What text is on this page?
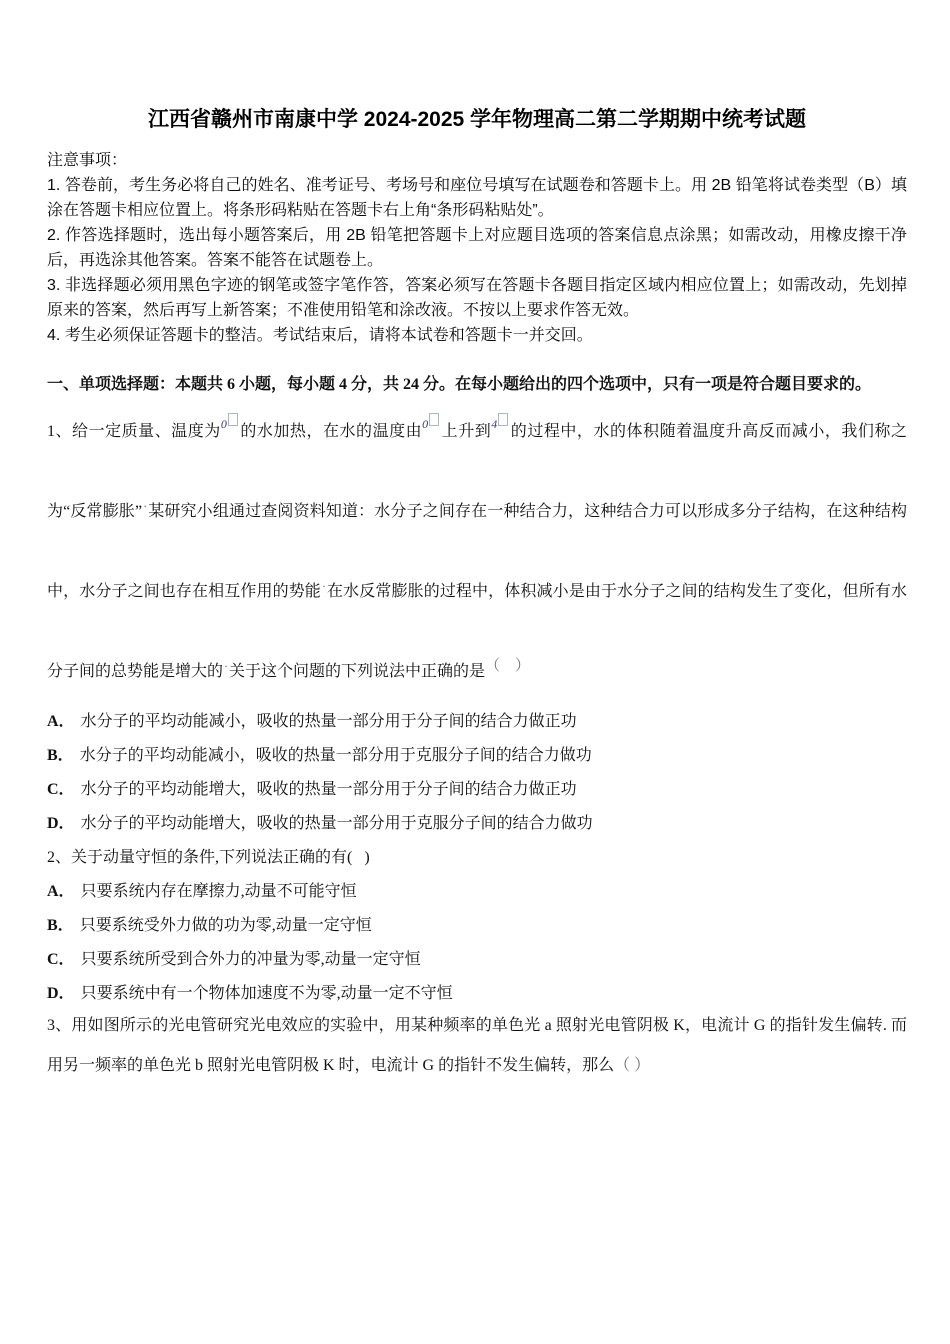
江西省赣州市南康中学 2024-2025 学年物理高二第二学期期中统考试题

注意事项：

1. 答卷前，考生务必将自己的姓名、准考证号、考场号和座位号填写在试题卷和答题卡上。用 2B 铅笔将试卷类型（B）填涂在答题卡相应位置上。将条形码粘贴在答题卡右上角“条形码粘贴处”。

2. 作答选择题时，选出每小题答案后，用 2B 铅笔把答题卡上对应题目选项的答案信息点涂黑；如需改动，用橡皮擦干净后，再选涂其他答案。答案不能答在试题卷上。

3. 非选择题必须用黑色字迹的钢笔或签字笔作答，答案必须写在答题卡各题目指定区域内相应位置上；如需改动，先划掉原来的答案，然后再写上新答案；不准使用铅笔和涂改液。不按以上要求作答无效。

4. 考生必须保证答题卡的整洁。考试结束后，请将本试卷和答题卡一并交回。

一、单项选择题：本题共 6 小题，每小题 4 分，共 24 分。在每小题给出的四个选项中，只有一项是符合题目要求的。

1、给一定质量、温度为$^0$ 的水加热，在水的温度由$^0$ 上升到$^4$ 的过程中，水的体积随着温度升高反而减小，我们称之为“反常膨胀”·某研究小组通过查阅资料知道：水分子之间存在一种结合力，这种结合力可以形成多分子结构，在这种结构中，水分子之间也存在相互作用的势能·在水反常膨胀的过程中，体积减小是由于水分子之间的结构发生了变化，但所有水分子间的总势能是增大的·关于这个问题的下列说法中正确的是（    ）

A． 水分子的平均动能减小，吸收的热量一部分用于分子间的结合力做正功

B． 水分子的平均动能减小，吸收的热量一部分用于克服分子间的结合力做功

C． 水分子的平均动能增大，吸收的热量一部分用于分子间的结合力做正功

D． 水分子的平均动能增大，吸收的热量一部分用于克服分子间的结合力做功

2、关于动量守恒的条件,下列说法正确的有(   )

A． 只要系统内存在摩擦力,动量不可能守恒

B． 只要系统受外力做的功为零,动量一定守恒

C． 只要系统所受到合外力的冲量为零,动量一定守恒

D． 只要系统中有一个物体加速度不为零,动量一定不守恒

3、用如图所示的光电管研究光电效应的实验中，用某种频率的单色光 a 照射光电管阴极 K，电流计 G 的指针发生偏转. 而用另一频率的单色光 b 照射光电管阴极 K 时，电流计 G 的指针不发生偏转，那么（ ）
